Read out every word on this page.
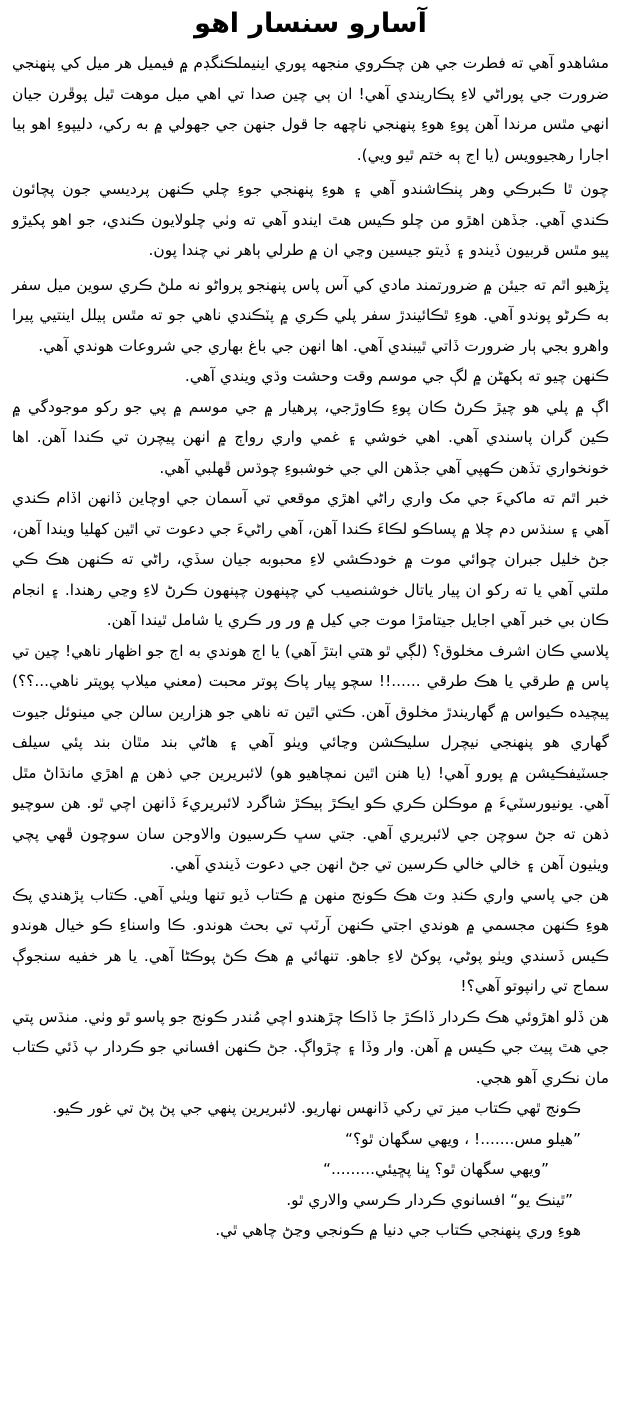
آسارو سنسار اهو

مشاهدو آهي ته فطرت جي هن چڪروي منجهه پوري اينيملڪنگڊم ۾ فيميل هر ميل کي پنهنجي ضرورت جي پوراڻي لاءِ پڪاريندي آهي! ان ٻي چين صدا تي اهي ميل موهت ٿيل پوڦرن جيان انهي مٿس مرندا آهن پوءِ هوءِ پنهنجي ناچهه جا قول جنهن جي جهولي ۾ به رکي، دليپوءِ اهو ٻيا اجارا رهجيوويس (يا اج ٻه ختم ٿيو ويي).

چون ٿا ڪبرڪي وهر پنڪاشندو آهي ۽ هوءِ پنهنجي جوءِ چلي ڪنهن پرديسي جون پچائون ڪندي آهي. جڏهن اهڙو من چلو ڪيس هٿ ايندو آهي ته وٺي چلولايون ڪندي، جو اهو پکيڙو پيو مٿس قربيون ڏيندو ۽ ڏيتو جيسين وڃي ان ۾ طرلي ٻاهر ني چندا پون.

پڙهيو اٿم ته جيئن ۾ ضرورتمند مادي کي آس پاس پنهنجو پرواڻو نه ملڻ ڪري سوين ميل سفر به ڪرڻو پوندو آهي. هوءِ ٿڪائيندڙ سفر پلي ڪري ۾ پٽڪندي ناهي جو ته مٿس ٻيلل اينتيي پيرا واهرو بجي ٻار ضرورت ڏاتي ٿيبندي آهي. اها انهن جي باغ بهاري جي شروعات هوندي آهي.

ڪنهن چيو ته ٻکهڻن ۾ لڳ جي موسم وقت وحشت وڌي ويندي آهي.

اڳ ۾ پلي هو چيڙ ڪرڻ ڪان پوءِ ڪاوڙجي، پرهيار ۾ جي موسم ۾ پي جو رکو موجودگي ۾ ڪين گران پاسندي آهي. اهي خوشي ۽ غمي واري رواڄ ۾ انهن پيچرن تي ڪندا آهن. اها خونخواري تڏهن ڪهپي آهي جڏهن الي جي خوشبوءِ چوڌس ڦهلبي آهي.

خبر اٿم ته ماکيءَ جي مک واري راڻي اهڙي موقعي تي آسمان جي اوچاين ڏانهن اڏام ڪندي آهي ۽ سنڌس دم چلا ۾ پساڪو لڪاءَ ڪندا آهن، آهي راڻيءَ جي دعوت تي اٿين کهليا ويندا آهن، جڻ خليل جبران چوائي موت ۾ خودڪشي لاءِ محبوبه جيان سڏي، راڻي ته ڪنهن هڪ ڪي ملتي آهي يا ته رکو ان پيار ياتال خوشنصيب کي چپنهون چپنهون ڪرڻ لاءِ وڃي رهندا. ۽ انجام ڪان بي خبر آهي اجايل جيتامڙا موت جي کيل ۾ ور ور ڪري يا شامل ٿيندا آهن.

پلاسي ڪان اشرف مخلوق؟ (لڳي ٿو هتي ابتڙ آهي) يا اڄ هوندي به اڄ جو اظهار ناهي! چين تي پاس ۾ طرقي يا هڪ طرقي ......!! سچو پيار پاڪ پوتر محبت (معني ميلاپ پوپتر ناهي...؟؟) پيچيده ڪيواس ۾ گهاريندڙ مخلوق آهن. ڪتي اٿين ته ناهي جو هزارين سالن جي مينوئل جيوت گهاري هو پنهنجي نيچرل سليڪشن وڃائي ويٺو آهي ۽ هاڻي بند مٿان بند پئي سيلف جسٽيفڪيشن ۾ پورو آهي! (يا هنن اٿين نمچاهيو هو) لائبريرين جي ذهن ۾ اهڙي مانڌاڻ مٿل آهي. يونيورسٽيءَ ۾ موڪلن ڪري ڪو ايڪڙ ٻيڪڙ شاگرد لائبريريءَ ڏانهن اچي ٿو. هن سوچيو ذهن ته جڻ سوچن جي لائبريري آهي. جتي سڀ ڪرسيون والاوجن سان سوچون ڦهي پچي ويٺيون آهن ۽ خالي خالي ڪرسين تي جڻ انهن جي دعوت ڏيندي آهي.

هن جي پاسي واري ڪنڊ وٽ هڪ ڪونج منهن ۾ ڪتاب ڏيو تنها ويٺي آهي. ڪتاب پڙهندي پڪ هوءِ ڪنهن مجسمي ۾ هوندي اجتي ڪنهن آرٽپ تي بحث هوندو. ڪا واسناءِ ڪو خيال هوندو ڪيس ڏسندي ويٺو پوڻي، پوکڻ لاءِ جاهو. تنهائي ۾ هڪ ڪڻ پوڪڻا آهي. يا هر خفيه سنجوڳ سماج تي رانپوتو آهي؟!

هن ڏلو اهڙوئي هڪ ڪردار ڏاڪڙ جا ڏاڪا چڙهندو اچي مُندر ڪونج جو پاسو ٿو وٺي. منڌس پتي جي هٿ پيٽ جي ڪيس ۾ آهن. وار وڏا ۽ چڙواڳ. جڻ ڪنهن افساني جو ڪردار پ ڏئي ڪتاب مان نڪري آهو هجي.

ڪونج ٿهي ڪتاب ميز تي رکي ڏانهس نهاريو. لائبريرين پنهي جي پڻ پڻ تي غور ڪيو.

”هيلو مس.......! ، ويهي سگهان ٿو؟“

”ويهي سگهان ٿو؟ ڀنا پڇيئي.........“

”ٿينڪ يو“ افسانوي ڪردار ڪرسي والاري ٿو.

هوءِ وري پنهنجي ڪتاب جي دنيا ۾ ڪونجي وڃڻ چاهي ٿي.
